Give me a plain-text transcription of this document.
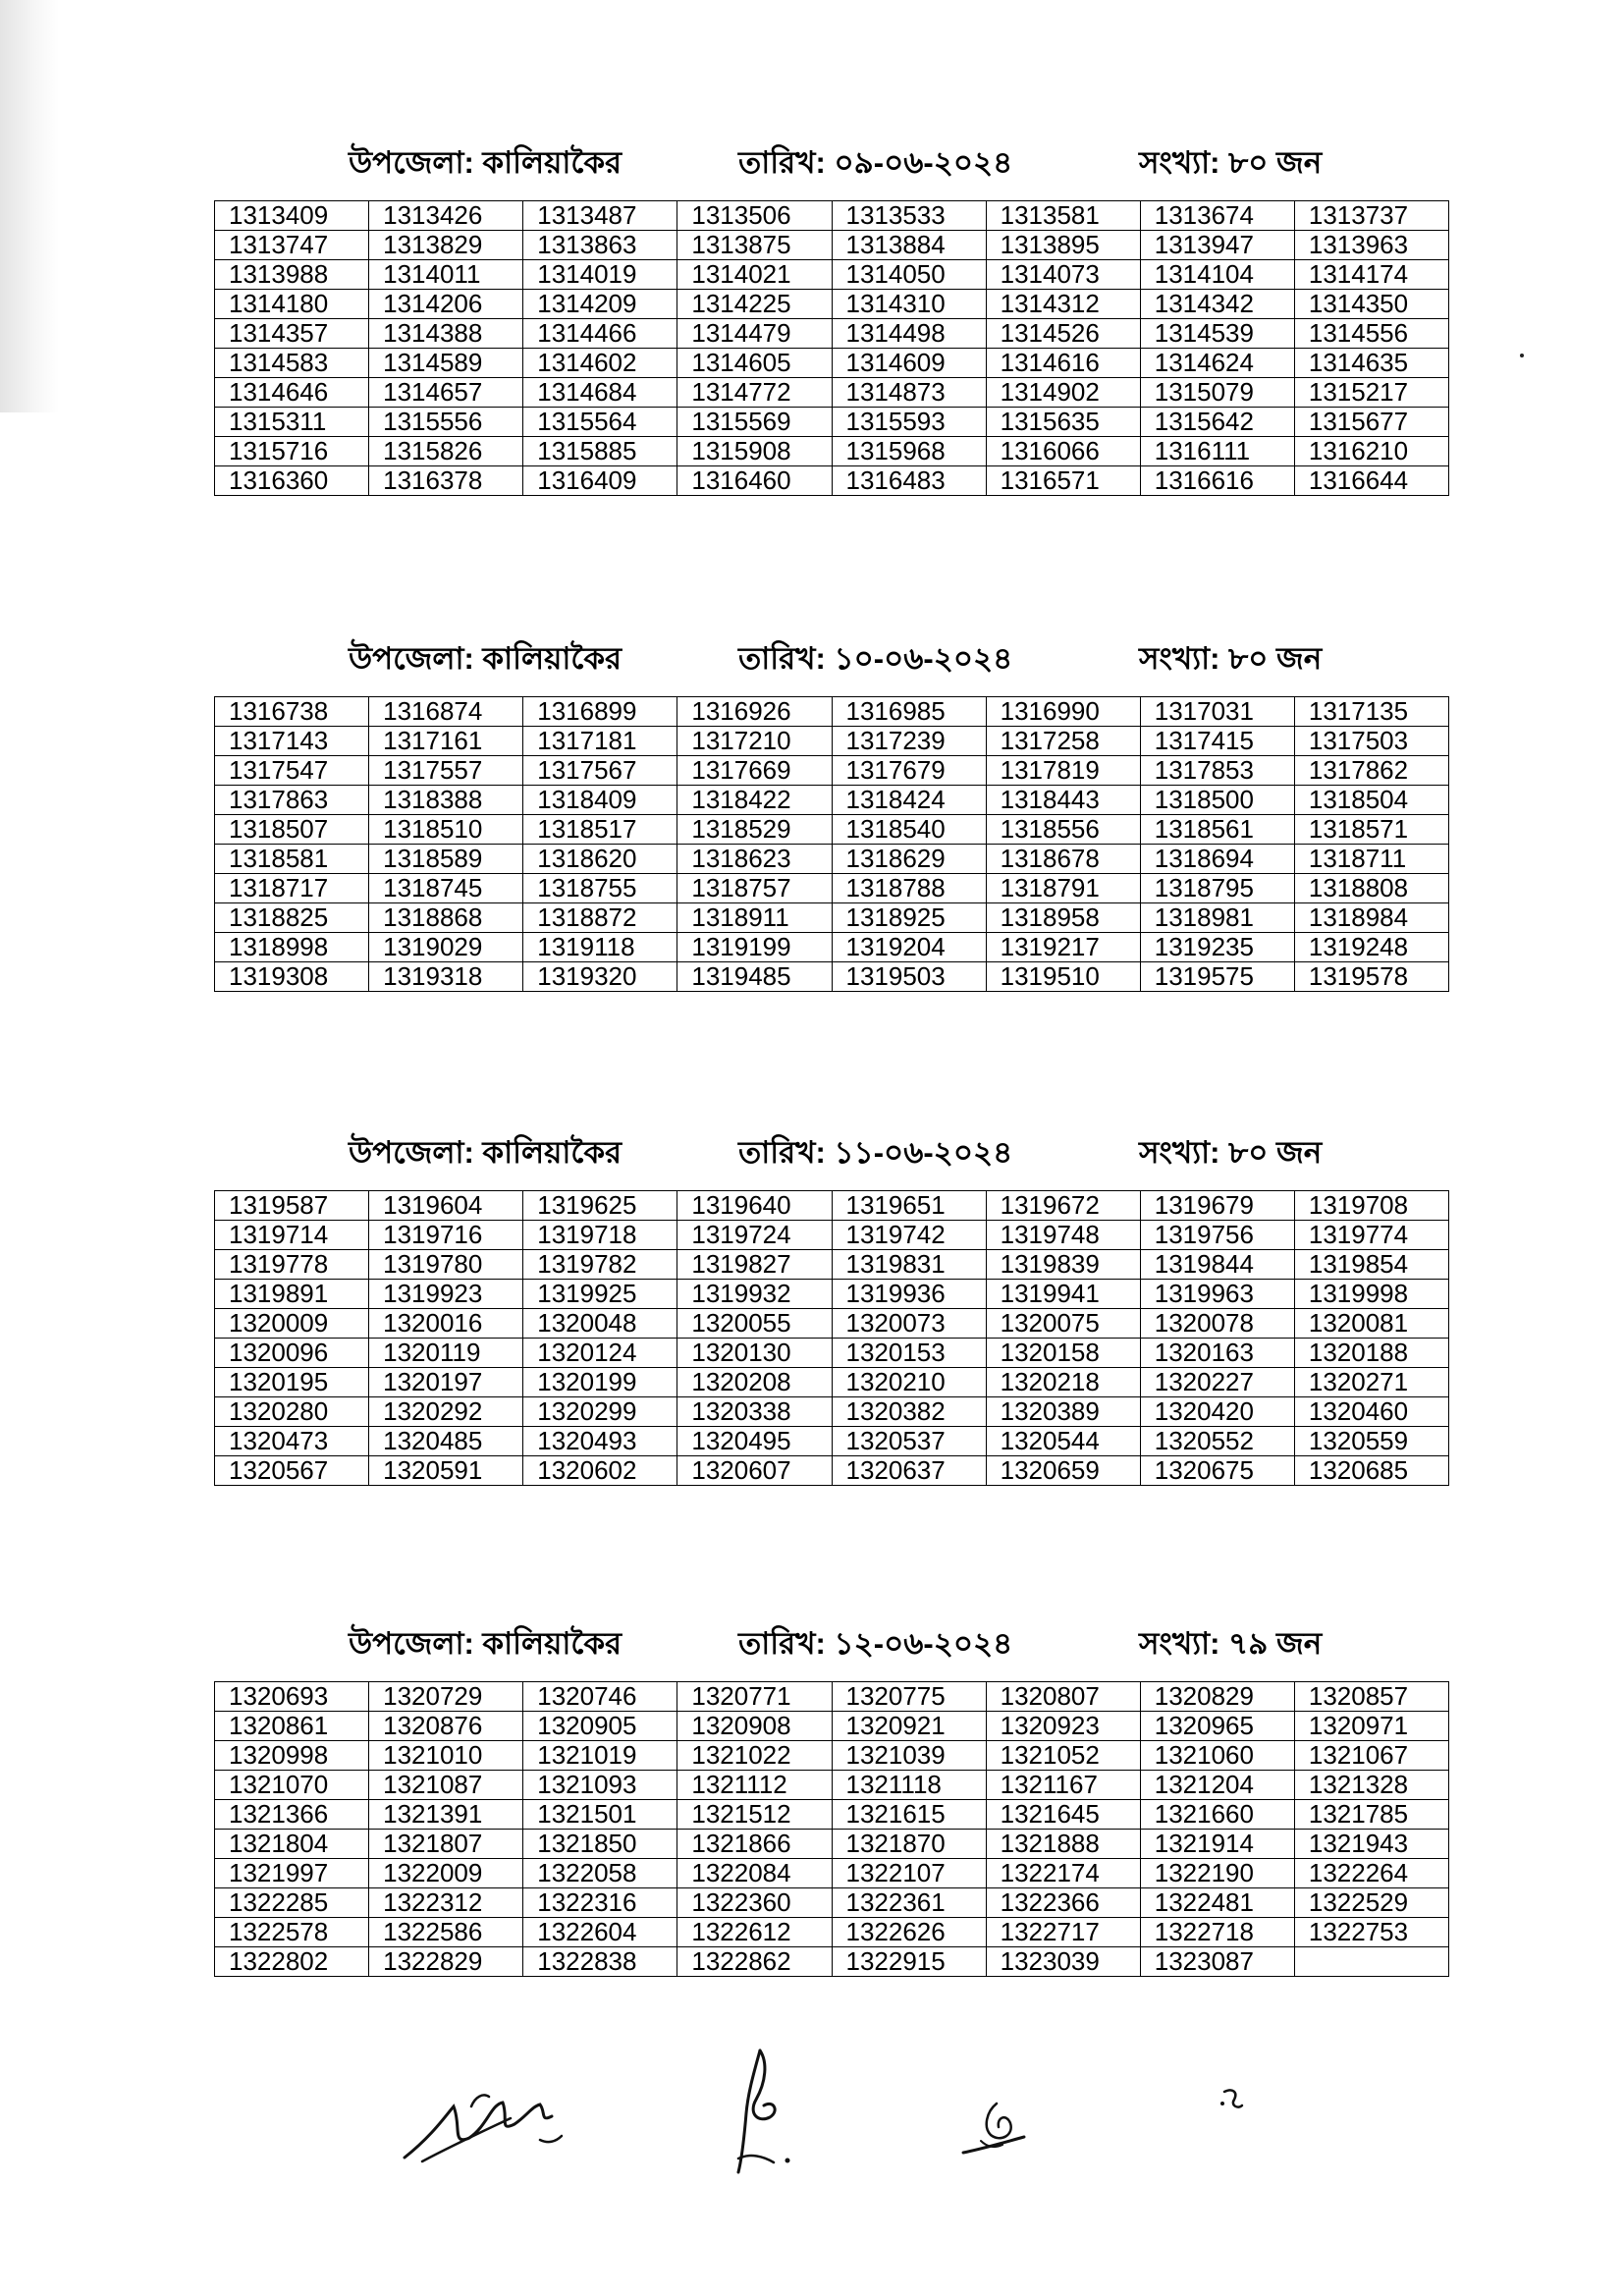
উপজেলা: কালিয়াকৈর	তারিখ: ০৯-০৬-২০২৪	সংখ্যা: ৮০ জন
1313409	1313426	1313487	1313506	1313533	1313581	1313674	1313737
1313747	1313829	1313863	1313875	1313884	1313895	1313947	1313963
1313988	1314011	1314019	1314021	1314050	1314073	1314104	1314174
1314180	1314206	1314209	1314225	1314310	1314312	1314342	1314350
1314357	1314388	1314466	1314479	1314498	1314526	1314539	1314556
1314583	1314589	1314602	1314605	1314609	1314616	1314624	1314635
1314646	1314657	1314684	1314772	1314873	1314902	1315079	1315217
1315311	1315556	1315564	1315569	1315593	1315635	1315642	1315677
1315716	1315826	1315885	1315908	1315968	1316066	1316111	1316210
1316360	1316378	1316409	1316460	1316483	1316571	1316616	1316644
উপজেলা: কালিয়াকৈর	তারিখ: ১০-০৬-২০২৪	সংখ্যা: ৮০ জন
1316738	1316874	1316899	1316926	1316985	1316990	1317031	1317135
1317143	1317161	1317181	1317210	1317239	1317258	1317415	1317503
1317547	1317557	1317567	1317669	1317679	1317819	1317853	1317862
1317863	1318388	1318409	1318422	1318424	1318443	1318500	1318504
1318507	1318510	1318517	1318529	1318540	1318556	1318561	1318571
1318581	1318589	1318620	1318623	1318629	1318678	1318694	1318711
1318717	1318745	1318755	1318757	1318788	1318791	1318795	1318808
1318825	1318868	1318872	1318911	1318925	1318958	1318981	1318984
1318998	1319029	1319118	1319199	1319204	1319217	1319235	1319248
1319308	1319318	1319320	1319485	1319503	1319510	1319575	1319578
উপজেলা: কালিয়াকৈর	তারিখ: ১১-০৬-২০২৪	সংখ্যা: ৮০ জন
1319587	1319604	1319625	1319640	1319651	1319672	1319679	1319708
1319714	1319716	1319718	1319724	1319742	1319748	1319756	1319774
1319778	1319780	1319782	1319827	1319831	1319839	1319844	1319854
1319891	1319923	1319925	1319932	1319936	1319941	1319963	1319998
1320009	1320016	1320048	1320055	1320073	1320075	1320078	1320081
1320096	1320119	1320124	1320130	1320153	1320158	1320163	1320188
1320195	1320197	1320199	1320208	1320210	1320218	1320227	1320271
1320280	1320292	1320299	1320338	1320382	1320389	1320420	1320460
1320473	1320485	1320493	1320495	1320537	1320544	1320552	1320559
1320567	1320591	1320602	1320607	1320637	1320659	1320675	1320685
উপজেলা: কালিয়াকৈর	তারিখ: ১২-০৬-২০২৪	সংখ্যা: ৭৯ জন
1320693	1320729	1320746	1320771	1320775	1320807	1320829	1320857
1320861	1320876	1320905	1320908	1320921	1320923	1320965	1320971
1320998	1321010	1321019	1321022	1321039	1321052	1321060	1321067
1321070	1321087	1321093	1321112	1321118	1321167	1321204	1321328
1321366	1321391	1321501	1321512	1321615	1321645	1321660	1321785
1321804	1321807	1321850	1321866	1321870	1321888	1321914	1321943
1321997	1322009	1322058	1322084	1322107	1322174	1322190	1322264
1322285	1322312	1322316	1322360	1322361	1322366	1322481	1322529
1322578	1322586	1322604	1322612	1322626	1322717	1322718	1322753
1322802	1322829	1322838	1322862	1322915	1323039	1323087	
